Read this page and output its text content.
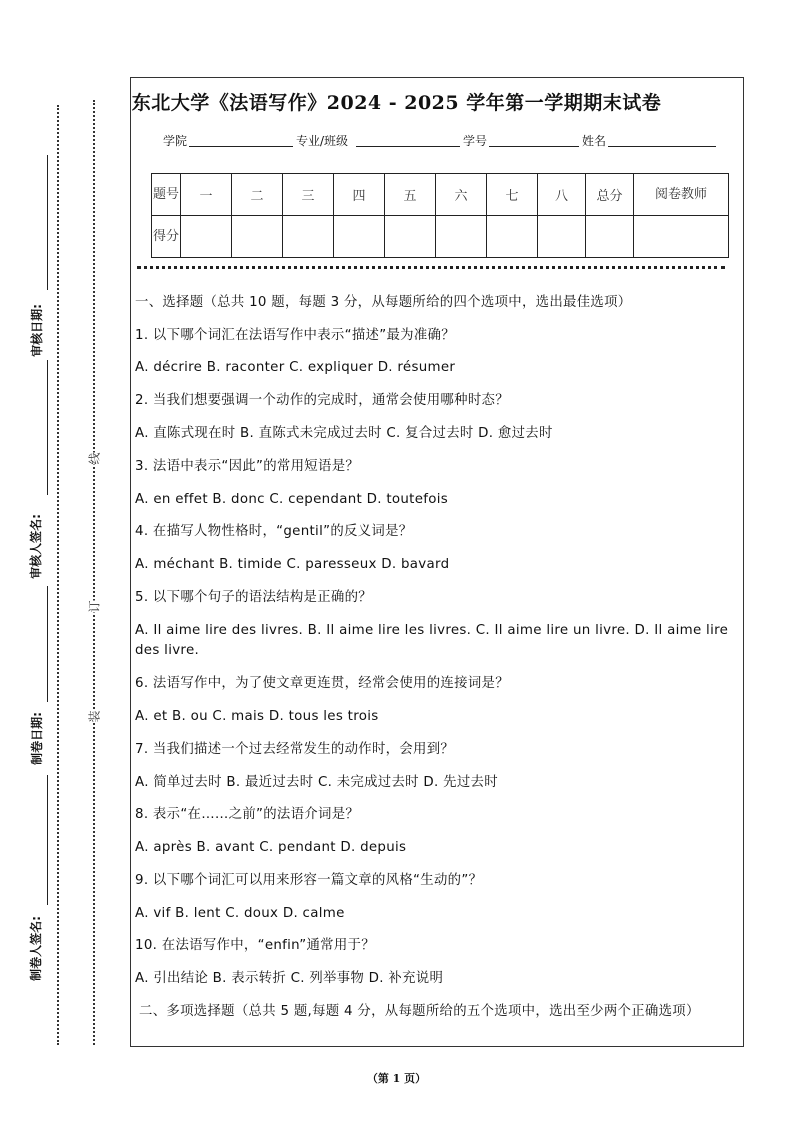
审核日期:
审核人签名:
制卷日期:
制卷人签名:
线
订
装
东北大学《法语写作》2024 - 2025 学年第一学期期末试卷
学院	专业/班级	学号	姓名
题号	一	二	三	四	五	六	七	八	总分	阅卷教师
得分										
一、选择题（总共 10 题，每题 3 分，从每题所给的四个选项中，选出最佳选项）
1. 以下哪个词汇在法语写作中表示“描述”最为准确？
A. décrire B. raconter C. expliquer D. résumer
2. 当我们想要强调一个动作的完成时，通常会使用哪种时态？
A. 直陈式现在时 B. 直陈式未完成过去时 C. 复合过去时 D. 愈过去时
3. 法语中表示“因此”的常用短语是？
A. en effet B. donc C. cependant D. toutefois
4. 在描写人物性格时，“gentil”的反义词是？
A. méchant B. timide C. paresseux D. bavard
5. 以下哪个句子的语法结构是正确的？
A. Il aime lire des livres. B. Il aime lire les livres. C. Il aime lire un livre. D. Il aime lire des livre.
6. 法语写作中，为了使文章更连贯，经常会使用的连接词是？
A. et B. ou C. mais D. tous les trois
7. 当我们描述一个过去经常发生的动作时，会用到？
A. 简单过去时 B. 最近过去时 C. 未完成过去时 D. 先过去时
8. 表示“在……之前”的法语介词是？
A. après B. avant C. pendant D. depuis
9. 以下哪个词汇可以用来形容一篇文章的风格“生动的”？
A. vif B. lent C. doux D. calme
10. 在法语写作中，“enfin”通常用于？
A. 引出结论 B. 表示转折 C. 列举事物 D. 补充说明
二、多项选择题（总共 5 题,每题 4 分，从每题所给的五个选项中，选出至少两个正确选项）
（第 1 页）
